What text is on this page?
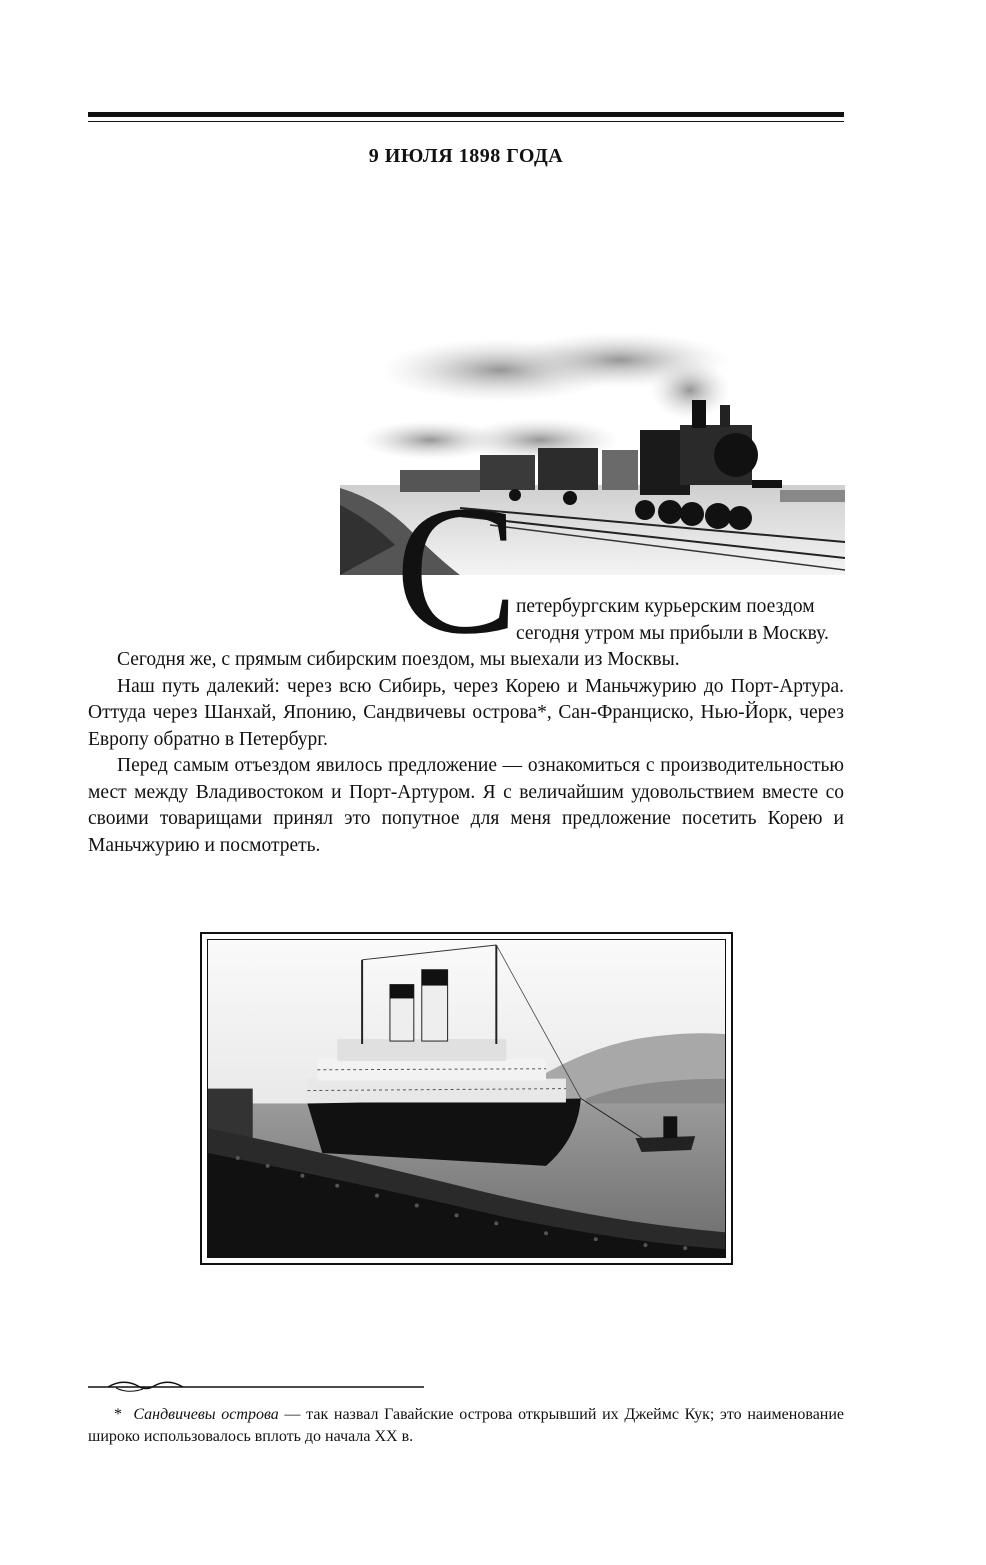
9 ИЮЛЯ 1898 ГОДА
С
петербургским курьерским поездом
сегодня утром мы прибыли в Москву.

Сегодня же, с прямым сибирским поездом, мы выехали из Москвы.

Наш путь далекий: через всю Сибирь, через Корею и Маньчжурию до Порт-Артура. Оттуда через Шанхай, Японию, Сандвичевы острова*, Сан-Франциско, Нью-Йорк, через Европу обратно в Петербург.

Перед самым отъездом явилось предложение — ознакомиться с производительностью мест между Владивостоком и Порт-Артуром. Я с величайшим удовольствием вместе со своими товарищами принял это попутное для меня предложение посетить Корею и Маньчжурию и посмотреть.

* Сандвичевы острова — так назвал Гавайские острова открывший их Джеймс Кук; это наименование широко использовалось вплоть до начала XX в.
